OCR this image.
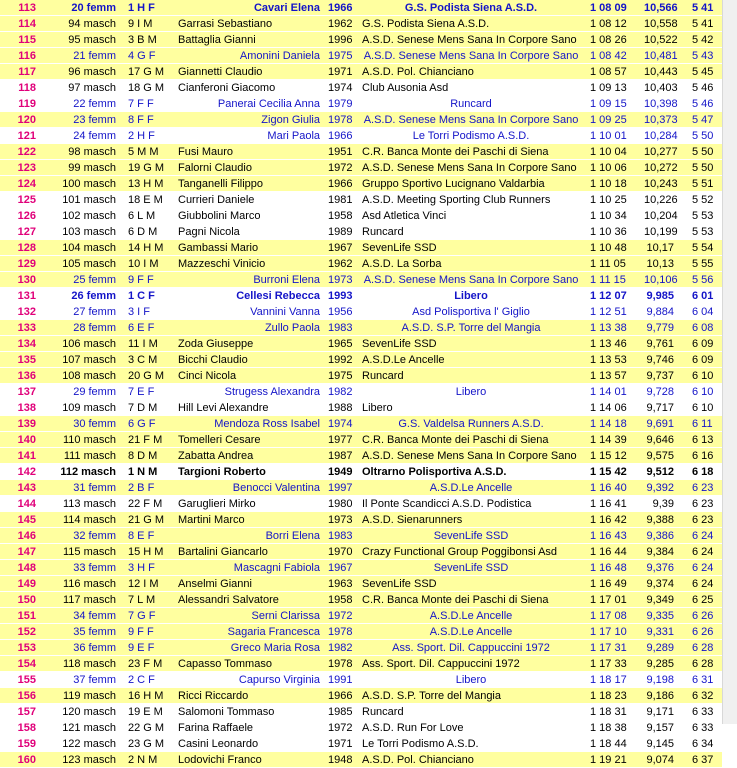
113	20 femm	1 H F	Cavari Elena	1966	G.S. Podista Siena A.S.D.	1 08 09	10,566	5 41
114	94 masch	9 I M	Garrasi Sebastiano	1962	G.S. Podista Siena A.S.D.	1 08 12	10,558	5 41
115	95 masch	3 B M	Battaglia Gianni	1996	A.S.D. Senese Mens Sana In Corpore Sano	1 08 26	10,522	5 42
116	21 femm	4 G F	Amonini Daniela	1975	A.S.D. Senese Mens Sana In Corpore Sano	1 08 42	10,481	5 43
117	96 masch	17 G M	Giannetti Claudio	1971	A.S.D. Pol. Chianciano	1 08 57	10,443	5 45
118	97 masch	18 G M	Cianferoni Giacomo	1974	Club Ausonia Asd	1 09 13	10,403	5 46
119	22 femm	7 F F	Panerai Cecilia Anna	1979	Runcard	1 09 15	10,398	5 46
120	23 femm	8 F F	Zigon Giulia	1978	A.S.D. Senese Mens Sana In Corpore Sano	1 09 25	10,373	5 47
121	24 femm	2 H F	Mari Paola	1966	Le Torri Podismo A.S.D.	1 10 01	10,284	5 50
122	98 masch	5 M M	Fusi Mauro	1951	C.R. Banca Monte dei Paschi di Siena	1 10 04	10,277	5 50
123	99 masch	19 G M	Falorni Claudio	1972	A.S.D. Senese Mens Sana In Corpore Sano	1 10 06	10,272	5 50
124	100 masch	13 H M	Tanganelli Filippo	1966	Gruppo Sportivo Lucignano Valdarbia	1 10 18	10,243	5 51
125	101 masch	18 E M	Currieri Daniele	1981	A.S.D. Meeting Sporting Club Runners	1 10 25	10,226	5 52
126	102 masch	6 L M	Giubbolini Marco	1958	Asd Atletica Vinci	1 10 34	10,204	5 53
127	103 masch	6 D M	Pagni Nicola	1989	Runcard	1 10 36	10,199	5 53
128	104 masch	14 H M	Gambassi Mario	1967	SevenLife SSD	1 10 48	10,17	5 54
129	105 masch	10 I M	Mazzeschi Vinicio	1962	A.S.D. La Sorba	1 11 05	10,13	5 55
130	25 femm	9 F F	Burroni Elena	1973	A.S.D. Senese Mens Sana In Corpore Sano	1 11 15	10,106	5 56
131	26 femm	1 C F	Cellesi Rebecca	1993	Libero	1 12 07	9,985	6 01
132	27 femm	3 I F	Vannini Vanna	1956	Asd Polisportiva l' Giglio	1 12 51	9,884	6 04
133	28 femm	6 E F	Zullo Paola	1983	A.S.D. S.P. Torre del Mangia	1 13 38	9,779	6 08
134	106 masch	11 I M	Zoda Giuseppe	1965	SevenLife SSD	1 13 46	9,761	6 09
135	107 masch	3 C M	Bicchi Claudio	1992	A.S.D.Le Ancelle	1 13 53	9,746	6 09
136	108 masch	20 G M	Cinci Nicola	1975	Runcard	1 13 57	9,737	6 10
137	29 femm	7 E F	Strugess Alexandra	1982	Libero	1 14 01	9,728	6 10
138	109 masch	7 D M	Hill Levi Alexandre	1988	Libero	1 14 06	9,717	6 10
139	30 femm	6 G F	Mendoza Ross Isabel	1974	G.S. Valdelsa Runners A.S.D.	1 14 18	9,691	6 11
140	110 masch	21 F M	Tomelleri Cesare	1977	C.R. Banca Monte dei Paschi di Siena	1 14 39	9,646	6 13
141	111 masch	8 D M	Zabatta Andrea	1987	A.S.D. Senese Mens Sana In Corpore Sano	1 15 12	9,575	6 16
142	112 masch	1 N M	Targioni Roberto	1949	Oltrarno Polisportiva A.S.D.	1 15 42	9,512	6 18
143	31 femm	2 B F	Benocci Valentina	1997	A.S.D.Le Ancelle	1 16 40	9,392	6 23
144	113 masch	22 F M	Garuglieri Mirko	1980	Il Ponte Scandicci A.S.D. Podistica	1 16 41	9,39	6 23
145	114 masch	21 G M	Martini Marco	1973	A.S.D. Sienarunners	1 16 42	9,388	6 23
146	32 femm	8 E F	Borri Elena	1983	SevenLife SSD	1 16 43	9,386	6 24
147	115 masch	15 H M	Bartalini Giancarlo	1970	Crazy Functional Group Poggibonsi Asd	1 16 44	9,384	6 24
148	33 femm	3 H F	Mascagni Fabiola	1967	SevenLife SSD	1 16 48	9,376	6 24
149	116 masch	12 I M	Anselmi Gianni	1963	SevenLife SSD	1 16 49	9,374	6 24
150	117 masch	7 L M	Alessandri Salvatore	1958	C.R. Banca Monte dei Paschi di Siena	1 17 01	9,349	6 25
151	34 femm	7 G F	Serni Clarissa	1972	A.S.D.Le Ancelle	1 17 08	9,335	6 26
152	35 femm	9 F F	Sagaria Francesca	1978	A.S.D.Le Ancelle	1 17 10	9,331	6 26
153	36 femm	9 E F	Greco Maria Rosa	1982	Ass. Sport. Dil. Cappuccini 1972	1 17 31	9,289	6 28
154	118 masch	23 F M	Capasso Tommaso	1978	Ass. Sport. Dil. Cappuccini 1972	1 17 33	9,285	6 28
155	37 femm	2 C F	Capurso Virginia	1991	Libero	1 18 17	9,198	6 31
156	119 masch	16 H M	Ricci Riccardo	1966	A.S.D. S.P. Torre del Mangia	1 18 23	9,186	6 32
157	120 masch	19 E M	Salomoni Tommaso	1985	Runcard	1 18 31	9,171	6 33
158	121 masch	22 G M	Farina Raffaele	1972	A.S.D. Run For Love	1 18 38	9,157	6 33
159	122 masch	23 G M	Casini Leonardo	1971	Le Torri Podismo A.S.D.	1 18 44	9,145	6 34
160	123 masch	2 N M	Lodovichi Franco	1948	A.S.D. Pol. Chianciano	1 19 21	9,074	6 37
